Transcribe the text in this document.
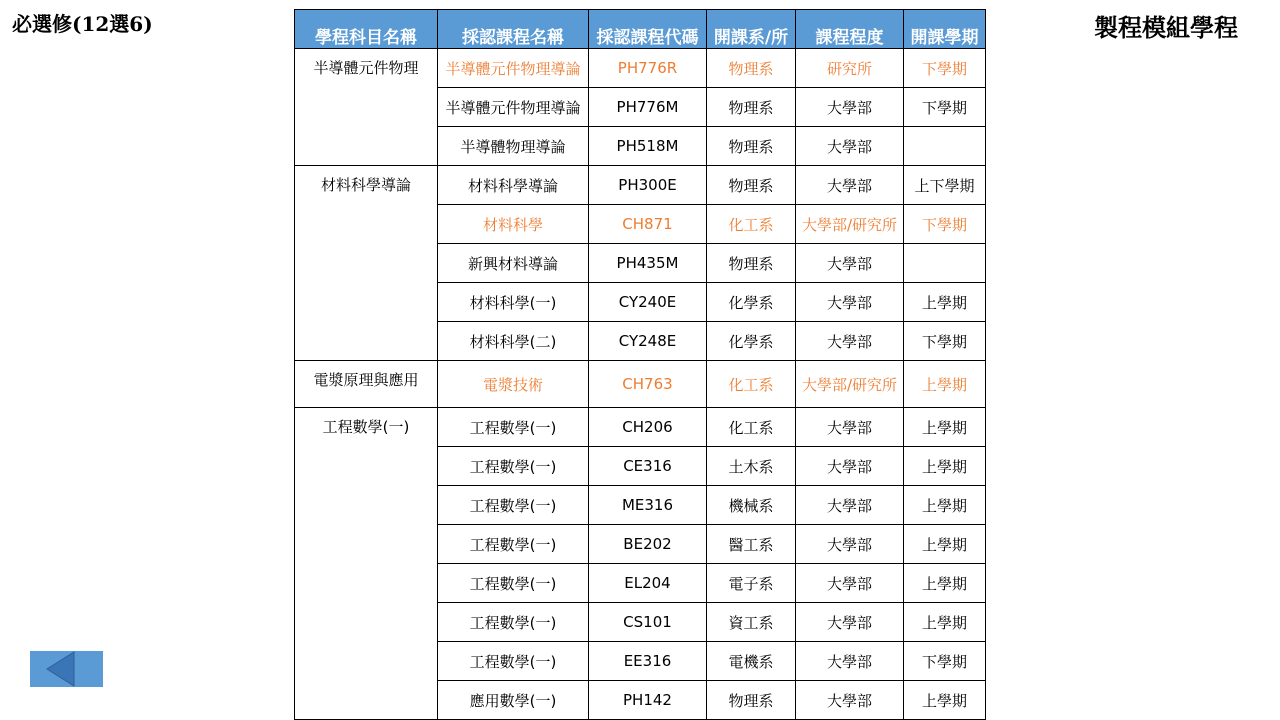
必選修(12選6)	製程模組學程
學程科目名稱	採認課程名稱	採認課程代碼	開課系/所	課程程度	開課學期
半導體元件物理	半導體元件物理導論	PH776R	物理系	研究所	下學期
	半導體元件物理導論	PH776M	物理系	大學部	下學期
	半導體物理導論	PH518M	物理系	大學部	
材料科學導論	材料科學導論	PH300E	物理系	大學部	上下學期
	材料科學	CH871	化工系	大學部/研究所	下學期
	新興材料導論	PH435M	物理系	大學部	
	材料科學(一)	CY240E	化學系	大學部	上學期
	材料科學(二)	CY248E	化學系	大學部	下學期
電漿原理與應用	電漿技術	CH763	化工系	大學部/研究所	上學期
工程數學(一)	工程數學(一)	CH206	化工系	大學部	上學期
	工程數學(一)	CE316	土木系	大學部	上學期
	工程數學(一)	ME316	機械系	大學部	上學期
	工程數學(一)	BE202	醫工系	大學部	上學期
	工程數學(一)	EL204	電子系	大學部	上學期
	工程數學(一)	CS101	資工系	大學部	上學期
	工程數學(一)	EE316	電機系	大學部	下學期
	應用數學(一)	PH142	物理系	大學部	上學期
